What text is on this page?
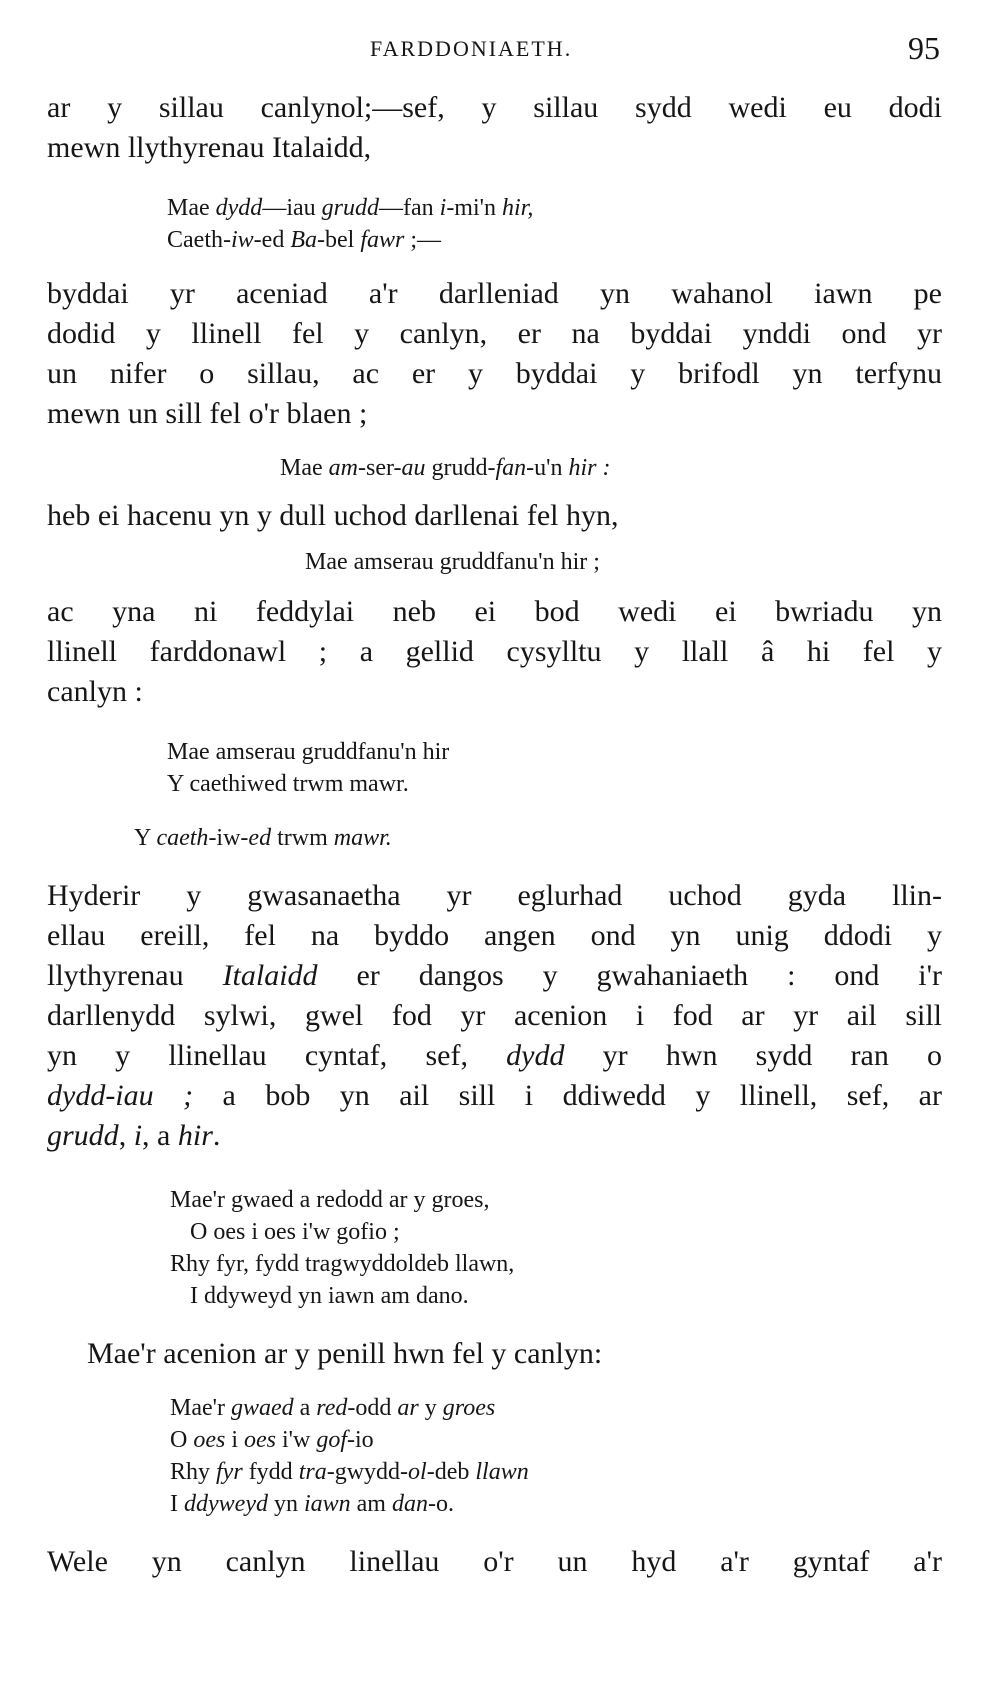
FARDDONIAETH.	95

ar y sillau canlynol;—sef, y sillau sydd wedi eu dodi
mewn llythyrenau Italaidd,

Mae dydd—iau grudd—fan i-mi'n hir,
Caeth-iw-ed Ba-bel fawr ;—

byddai yr aceniad a'r darlleniad yn wahanol iawn pe
dodid y llinell fel y canlyn, er na byddai ynddi ond yr
un nifer o sillau, ac er y byddai y brifodl yn terfynu
mewn un sill fel o'r blaen ;

Mae am-ser-au grudd-fan-u'n hir :

heb ei hacenu yn y dull uchod darllenai fel hyn,

Mae amserau gruddfanu'n hir ;

ac yna ni feddylai neb ei bod wedi ei bwriadu yn
llinell farddonawl ; a gellid cysylltu y llall â hi fel y
canlyn :

Mae amserau gruddfanu'n hir
Y caethiwed trwm mawr.
Y caeth-iw-ed trwm mawr.

Hyderir y gwasanaetha yr eglurhad uchod gyda llin-
ellau ereill, fel na byddo angen ond yn unig ddodi y
llythyrenau Italaidd er dangos y gwahaniaeth : ond i'r
darllenydd sylwi, gwel fod yr acenion i fod ar yr ail sill
yn y llinellau cyntaf, sef, dydd yr hwn sydd ran o
dydd-iau ; a bob yn ail sill i ddiwedd y llinell, sef, ar
grudd, i, a hir.

Mae'r gwaed a redodd ar y groes,
O oes i oes i'w gofio ;
Rhy fyr, fydd tragwyddoldeb llawn,
I ddyweyd yn iawn am dano.

Mae'r acenion ar y penill hwn fel y canlyn:

Mae'r gwaed a red-odd ar y groes
O oes i oes i'w gof-io
Rhy fyr fydd tra-gwydd-ol-deb llawn
I ddyweyd yn iawn am dan-o.

Wele yn canlyn linellau o'r un hyd a'r gyntaf a'r
